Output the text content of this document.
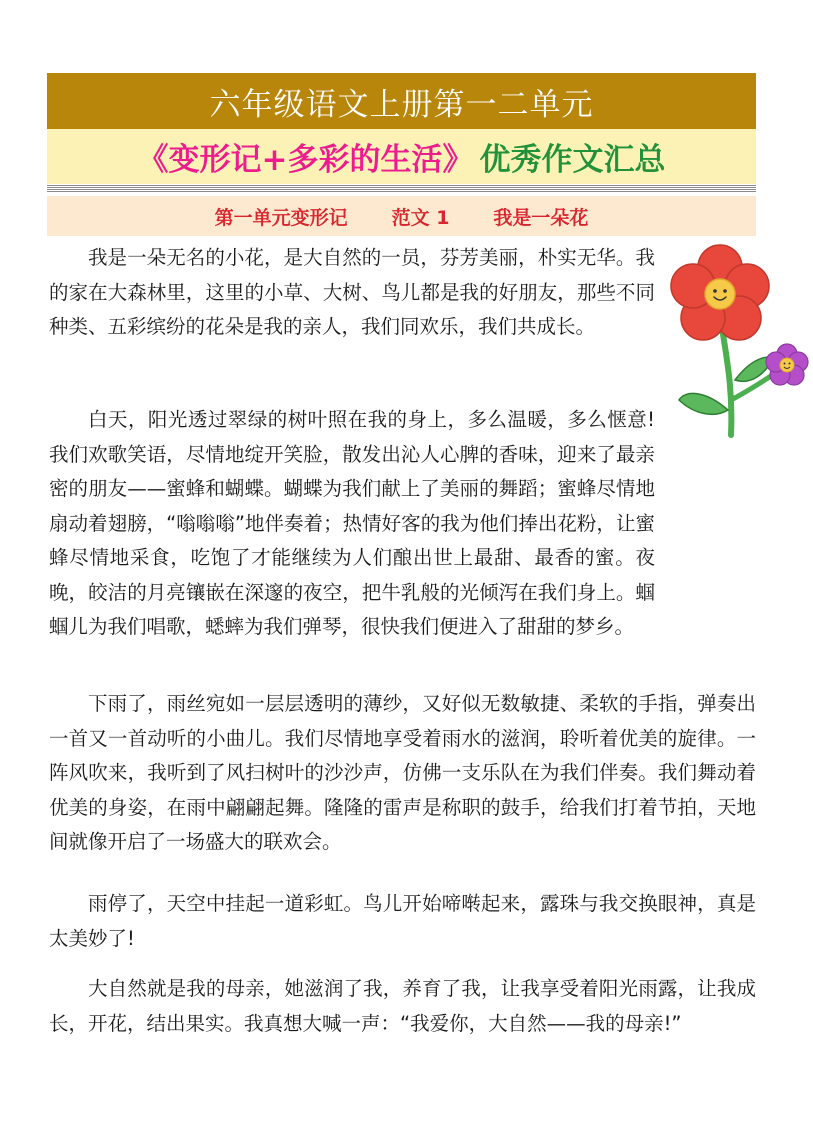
六年级语文上册第一二单元
《变形记+多彩的生活》 优秀作文汇总
第一单元变形记 范文 1 我是一朵花

我是一朵无名的小花，是大自然的一员，芬芳美丽，朴实无华。我的家在大森林里，这里的小草、大树、鸟儿都是我的好朋友，那些不同种类、五彩缤纷的花朵是我的亲人，我们同欢乐，我们共成长。

白天，阳光透过翠绿的树叶照在我的身上，多么温暖，多么惬意!我们欢歌笑语，尽情地绽开笑脸，散发出沁人心脾的香味，迎来了最亲密的朋友——蜜蜂和蝴蝶。蝴蝶为我们献上了美丽的舞蹈；蜜蜂尽情地扇动着翅膀，“嗡嗡嗡”地伴奏着；热情好客的我为他们捧出花粉，让蜜蜂尽情地采食，吃饱了才能继续为人们酿出世上最甜、最香的蜜。夜晚，皎洁的月亮镶嵌在深邃的夜空，把牛乳般的光倾泻在我们身上。蝈蝈儿为我们唱歌，蟋蟀为我们弹琴，很快我们便进入了甜甜的梦乡。

下雨了，雨丝宛如一层层透明的薄纱，又好似无数敏捷、柔软的手指，弹奏出一首又一首动听的小曲儿。我们尽情地享受着雨水的滋润，聆听着优美的旋律。一阵风吹来，我听到了风扫树叶的沙沙声，仿佛一支乐队在为我们伴奏。我们舞动着优美的身姿，在雨中翩翩起舞。隆隆的雷声是称职的鼓手，给我们打着节拍，天地间就像开启了一场盛大的联欢会。

雨停了，天空中挂起一道彩虹。鸟儿开始啼啭起来，露珠与我交换眼神，真是太美妙了!

大自然就是我的母亲，她滋润了我，养育了我，让我享受着阳光雨露，让我成长，开花，结出果实。我真想大喊一声：“我爱你，大自然——我的母亲!”
